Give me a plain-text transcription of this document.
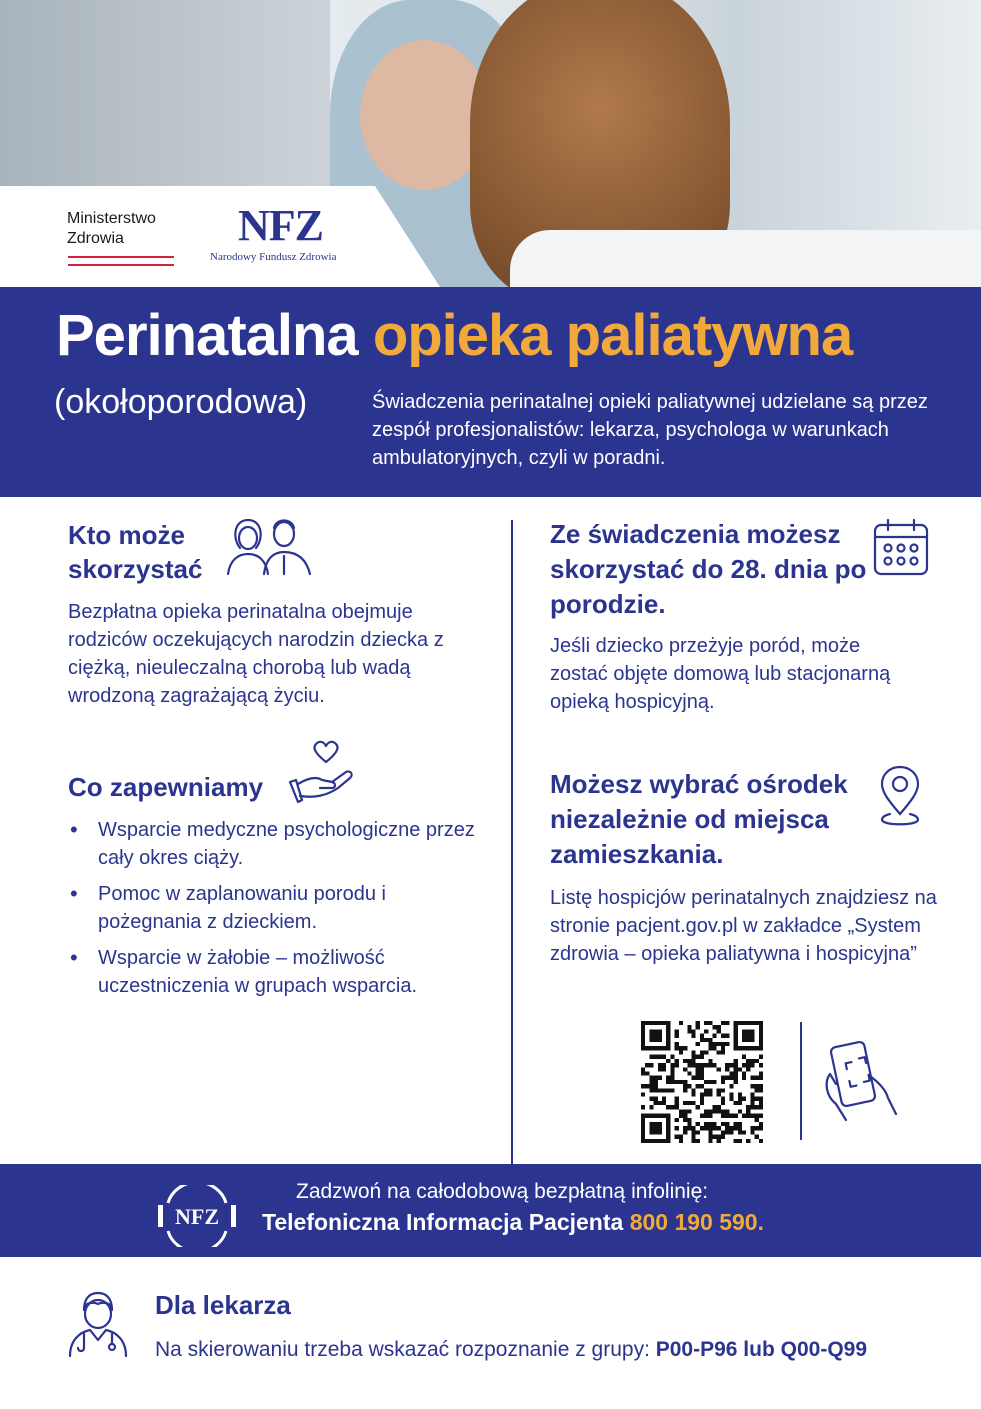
Ministerstwo
Zdrowia	NFZ
Narodowy Fundusz Zdrowia
Perinatalna opieka paliatywna
(okołoporodowa)	Świadczenia perinatalnej opieki paliatywnej udzielane są przez zespół profesjonalistów: lekarza, psychologa w warunkach ambulatoryjnych, czyli w poradni.
Kto może
skorzystać
Bezpłatna opieka perinatalna obejmuje rodziców oczekujących narodzin dziecka z ciężką, nieuleczalną chorobą lub wadą wrodzoną zagrażającą życiu.
Co zapewniamy
• Wsparcie medyczne psychologiczne przez cały okres ciąży.
• Pomoc w zaplanowaniu porodu i pożegnania z dzieckiem.
• Wsparcie w żałobie – możliwość uczestniczenia w grupach wsparcia.
Ze świadczenia możesz skorzystać do 28. dnia po porodzie.
Jeśli dziecko przeżyje poród, może zostać objęte domową lub stacjonarną opieką hospicyjną.
Możesz wybrać ośrodek niezależnie od miejsca zamieszkania.
Listę hospicjów perinatalnych znajdziesz na stronie pacjent.gov.pl w zakładce „System zdrowia – opieka paliatywna i hospicyjna”
NFZ
Zadzwoń na całodobową bezpłatną infolinię:
Telefoniczna Informacja Pacjenta 800 190 590.
Dla lekarza
Na skierowaniu trzeba wskazać rozpoznanie z grupy: P00-P96 lub Q00-Q99
